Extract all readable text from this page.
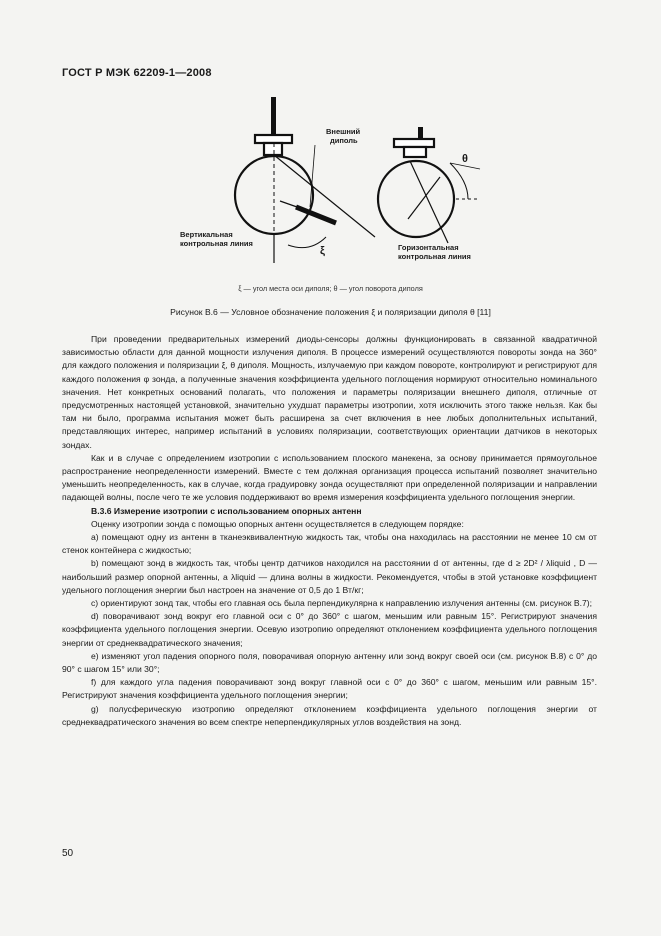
ГОСТ Р МЭК 62209-1—2008
Внешний
диполь
Вертикальная
контрольная линия	Горизонтальная
контрольная линия
ξ
θ
ξ — угол места оси диполя; θ — угол поворота диполя
Рисунок В.6 — Условное обозначение положения ξ и поляризации диполя θ [11]

При проведении предварительных измерений диоды-сенсоры должны функционировать в связанной квадратичной зависимостью области для данной мощности излучения диполя. В процессе измерений осуществляются повороты зонда на 360° для каждого положения и поляризации ξ, θ диполя. Мощность, излучаемую при каждом повороте, контролируют и регистрируют для каждого положения φ зонда, а полученные значения коэффициента удельного поглощения нормируют относительно номинального значения. Нет конкретных оснований полагать, что положения и параметры поляризации внешнего диполя, отличные от предусмотренных настоящей установкой, значительно ухудшат параметры изотропии, хотя исключить этого также нельзя. Как бы там ни было, программа испытания может быть расширена за счет включения в нее любых дополнительных испытаний, представляющих интерес, например испытаний в условиях поляризации, соответствующих ориентации датчиков в некоторых зондах.

Как и в случае с определением изотропии с использованием плоского манекена, за основу принимается прямоугольное распространение неопределенности измерений. Вместе с тем должная организация процесса испытаний позволяет значительно уменьшить неопределенность, как в случае, когда градуировку зонда осуществляют при определенной поляризации и направлении падающей волны, после чего те же условия поддерживают во время измерения коэффициента удельного поглощения энергии.

В.3.6 Измерение изотропии с использованием опорных антенн

Оценку изотропии зонда с помощью опорных антенн осуществляется в следующем порядке:

a) помещают одну из антенн в тканеэквивалентную жидкость так, чтобы она находилась на расстоянии не менее 10 см от стенок контейнера с жидкостью;

b) помещают зонд в жидкость так, чтобы центр датчиков находился на расстоянии d от антенны, где d ≥ 2D² / λliquid , D — наибольший размер опорной антенны, а λliquid — длина волны в жидкости. Рекомендуется, чтобы в этой установке коэффициент удельного поглощения энергии был настроен на значение от 0,5 до 1 Вт/кг;

c) ориентируют зонд так, чтобы его главная ось была перпендикулярна к направлению излучения антенны (см. рисунок В.7);

d) поворачивают зонд вокруг его главной оси с 0° до 360° с шагом, меньшим или равным 15°. Регистрируют значения коэффициента удельного поглощения энергии. Осевую изотропию определяют отклонением коэффициента удельного поглощения энергии от среднеквадратического значения;

e) изменяют угол падения опорного поля, поворачивая опорную антенну или зонд вокруг своей оси (см. рисунок В.8) с 0° до 90° с шагом 15° или 30°;

f) для каждого угла падения поворачивают зонд вокруг главной оси с 0° до 360° с шагом, меньшим или равным 15°. Регистрируют значения коэффициента удельного поглощения энергии;

g) полусферическую изотропию определяют отклонением коэффициента удельного поглощения энергии от среднеквадратического значения во всем спектре неперпендикулярных углов воздействия на зонд.

50
